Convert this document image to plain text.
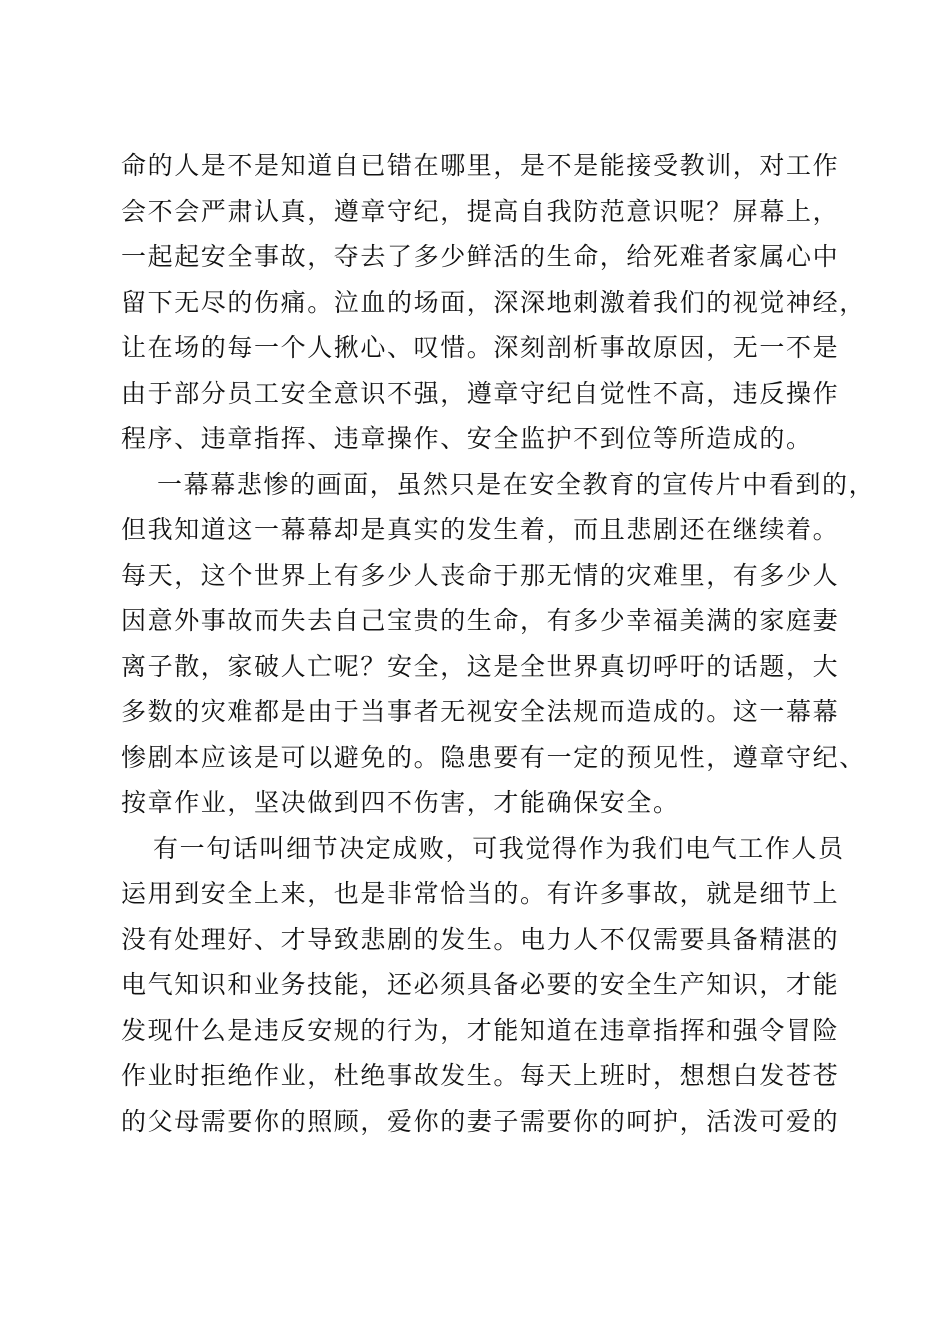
命的人是不是知道自已错在哪里，是不是能接受教训，对工作
会不会严肃认真，遵章守纪，提高自我防范意识呢？屏幕上，
一起起安全事故，夺去了多少鲜活的生命，给死难者家属心中
留下无尽的伤痛。泣血的场面，深深地刺激着我们的视觉神经，
让在场的每一个人揪心、叹惜。深刻剖析事故原因，无一不是
由于部分员工安全意识不强，遵章守纪自觉性不高，违反操作
程序、违章指挥、违章操作、安全监护不到位等所造成的。
一幕幕悲惨的画面，虽然只是在安全教育的宣传片中看到的，
但我知道这一幕幕却是真实的发生着，而且悲剧还在继续着。
每天，这个世界上有多少人丧命于那无情的灾难里，有多少人
因意外事故而失去自己宝贵的生命，有多少幸福美满的家庭妻
离子散，家破人亡呢？安全，这是全世界真切呼吁的话题，大
多数的灾难都是由于当事者无视安全法规而造成的。这一幕幕
惨剧本应该是可以避免的。隐患要有一定的预见性，遵章守纪、
按章作业，坚决做到四不伤害，才能确保安全。
有一句话叫细节决定成败，可我觉得作为我们电气工作人员
运用到安全上来，也是非常恰当的。有许多事故，就是细节上
没有处理好、才导致悲剧的发生。电力人不仅需要具备精湛的
电气知识和业务技能，还必须具备必要的安全生产知识，才能
发现什么是违反安规的行为，才能知道在违章指挥和强令冒险
作业时拒绝作业，杜绝事故发生。每天上班时，想想白发苍苍
的父母需要你的照顾，爱你的妻子需要你的呵护，活泼可爱的
